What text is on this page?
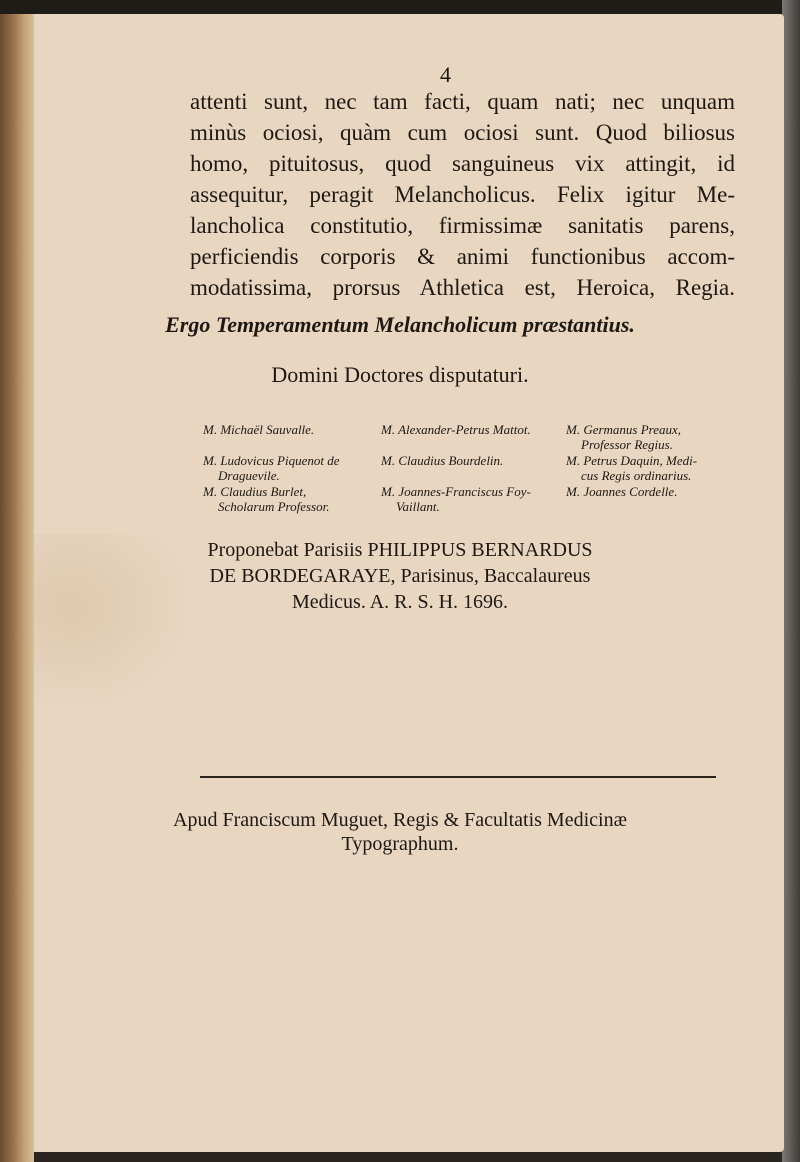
4
attenti sunt, nec tam facti, quam nati; nec unquam
minùs ociosi, quàm cum ociosi sunt. Quod biliosus
homo, pituitosus, quod sanguineus vix attingit, id
assequitur, peragit Melancholicus. Felix igitur Me-
lancholica constitutio, firmissimæ sanitatis parens,
perficiendis corporis & animi functionibus accom-
modatissima, prorsus Athletica est, Heroica, Regia.
Ergo Temperamentum Melancholicum præstantius.
Domini Doctores disputaturi.
M. Michaël Sauvalle.
M. Ludovicus Piquenot de
Draguevile.
M. Claudius Burlet,
Scholarum Professor.
M. Alexander-Petrus Mattot.
M. Claudius Bourdelin.
M. Joannes-Franciscus Foy-
Vaillant.
M. Germanus Preaux,
Professor Regius.
M. Petrus Daquin, Medi-
cus Regis ordinarius.
M. Joannes Cordelle.
Proponebat Parisiis PHILIPPUS BERNARDUS
DE BORDEGARAYE, Parisinus, Baccalaureus
Medicus. A. R. S. H. 1696.
Apud Franciscum Muguet, Regis & Facultatis Medicinæ
Typographum.
